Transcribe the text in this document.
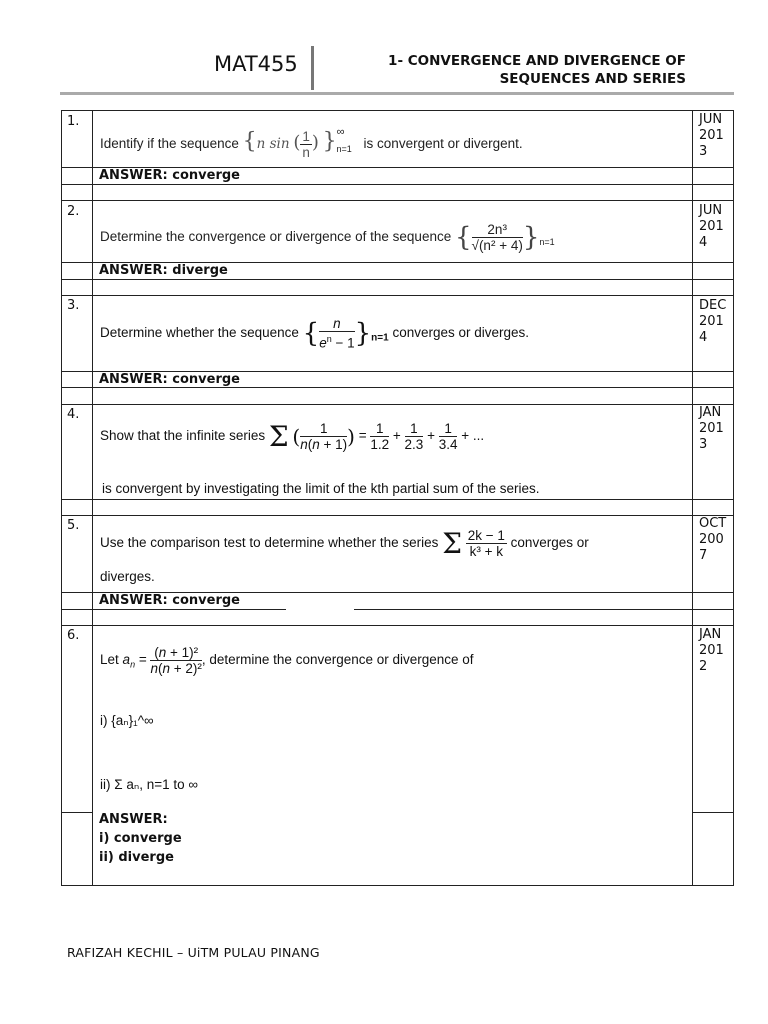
MAT455	1- CONVERGENCE AND DIVERGENCE OF
SEQUENCES AND SERIES
1.
Identify if the sequence {n sin ( $\frac{1}{n}$ ) }$^\infty_{n=1}$ is convergent or divergent.
ANSWER: converge
JUN 2013
2.
Determine the convergence or divergence of the sequence { $\frac{\text{2n³}}{\text{√(n² + 4)}} \}_{n=1}$
ANSWER: diverge
JUN 2014
3.
Determine whether the sequence { $\frac{n}{e^n - 1} \}_{n=1}$ converges or diverges.
ANSWER: converge
DEC 2014
4.
Show that the infinite series Σ ( $\frac{1}{n(n + 1)}$ ) = $\frac{1}{1.2} + \frac{1}{2.3} + \frac{1}{3.4}$ + ...
is convergent by investigating the limit of the kth partial sum of the series.
JAN 2013
5.
Use the comparison test to determine whether the series Σ $\frac{2k - 1}{\text{k³ + k}}$ converges or
diverges.
ANSWER: converge
OCT 2007
6.
Let $a_n = \frac{\text{(n + 1)²}}{\text{n(n + 2)²}}$ , determine the convergence or divergence of
i) {aₙ}₁^∞
ii) Σ aₙ, n=1 to ∞
ANSWER:
i) converge
ii) diverge
JAN 2012
RAFIZAH KECHIL – UiTM PULAU PINANG
